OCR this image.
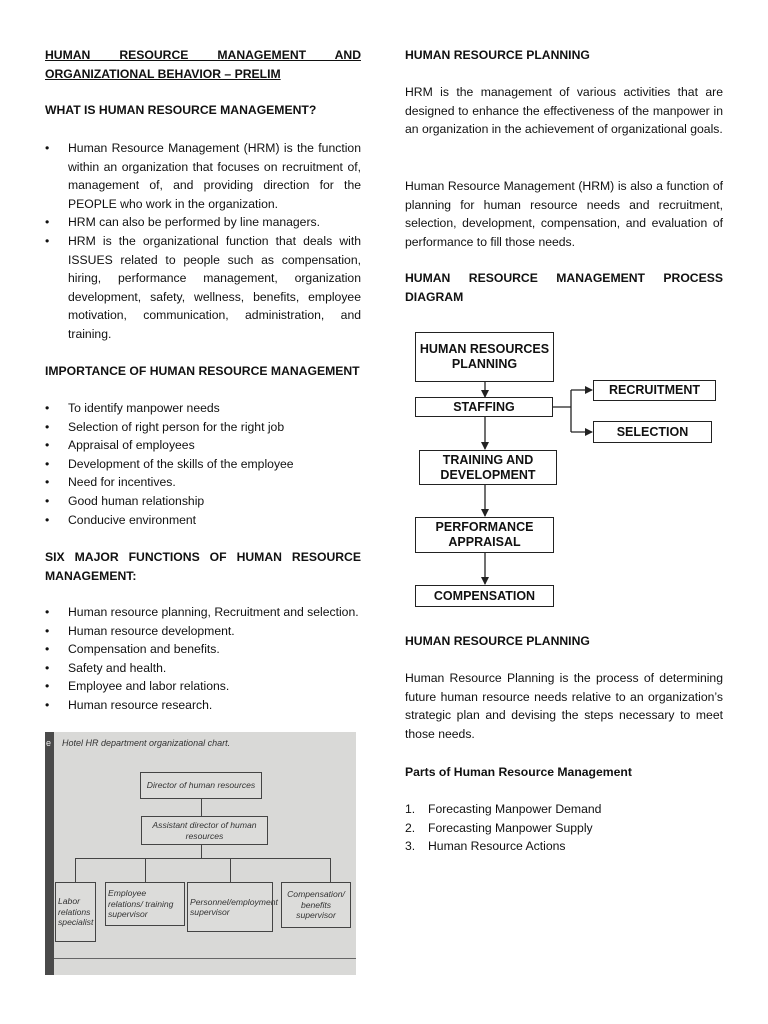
HUMAN RESOURCE MANAGEMENT AND
ORGANIZATIONAL BEHAVIOR – PRELIM
WHAT IS HUMAN RESOURCE MANAGEMENT?
• Human Resource Management (HRM) is the function within an organization that focuses on recruitment of, management of, and providing direction for the PEOPLE who work in the organization.
• HRM can also be performed by line managers.
• HRM is the organizational function that deals with ISSUES related to people such as compensation, hiring, performance management, organization development, safety, wellness, benefits, employee motivation, communication, administration, and training.
IMPORTANCE OF HUMAN RESOURCE MANAGEMENT
• To identify manpower needs
• Selection of right person for the right job
• Appraisal of employees
• Development of the skills of the employee
• Need for incentives.
• Good human relationship
• Conducive environment
SIX MAJOR FUNCTIONS OF HUMAN RESOURCE
MANAGEMENT:
• Human resource planning, Recruitment and selection.
• Human resource development.
• Compensation and benefits.
• Safety and health.
• Employee and labor relations.
• Human resource research.
e Hotel HR department organizational chart.
Director of human resources
Assistant director of human resources
Labor relations specialist
Employee relations/ training supervisor
Personnel/employment supervisor
Compensation/ benefits supervisor
HUMAN RESOURCE PLANNING
HRM is the management of various activities that are designed to enhance the effectiveness of the manpower in an organization in the achievement of organizational goals.
Human Resource Management (HRM) is also a function of planning for human resource needs and recruitment, selection, development, compensation, and evaluation of performance to fill those needs.
HUMAN RESOURCE MANAGEMENT PROCESS
DIAGRAM
HUMAN RESOURCE PLANNING
Human Resource Planning is the process of determining future human resource needs relative to an organization’s strategic plan and devising the steps necessary to meet those needs.
Parts of Human Resource Management
1. Forecasting Manpower Demand
2. Forecasting Manpower Supply
3. Human Resource Actions
HUMAN RESOURCES PLANNING
STAFFING
RECRUITMENT
SELECTION
TRAINING AND DEVELOPMENT
PERFORMANCE APPRAISAL
COMPENSATION
